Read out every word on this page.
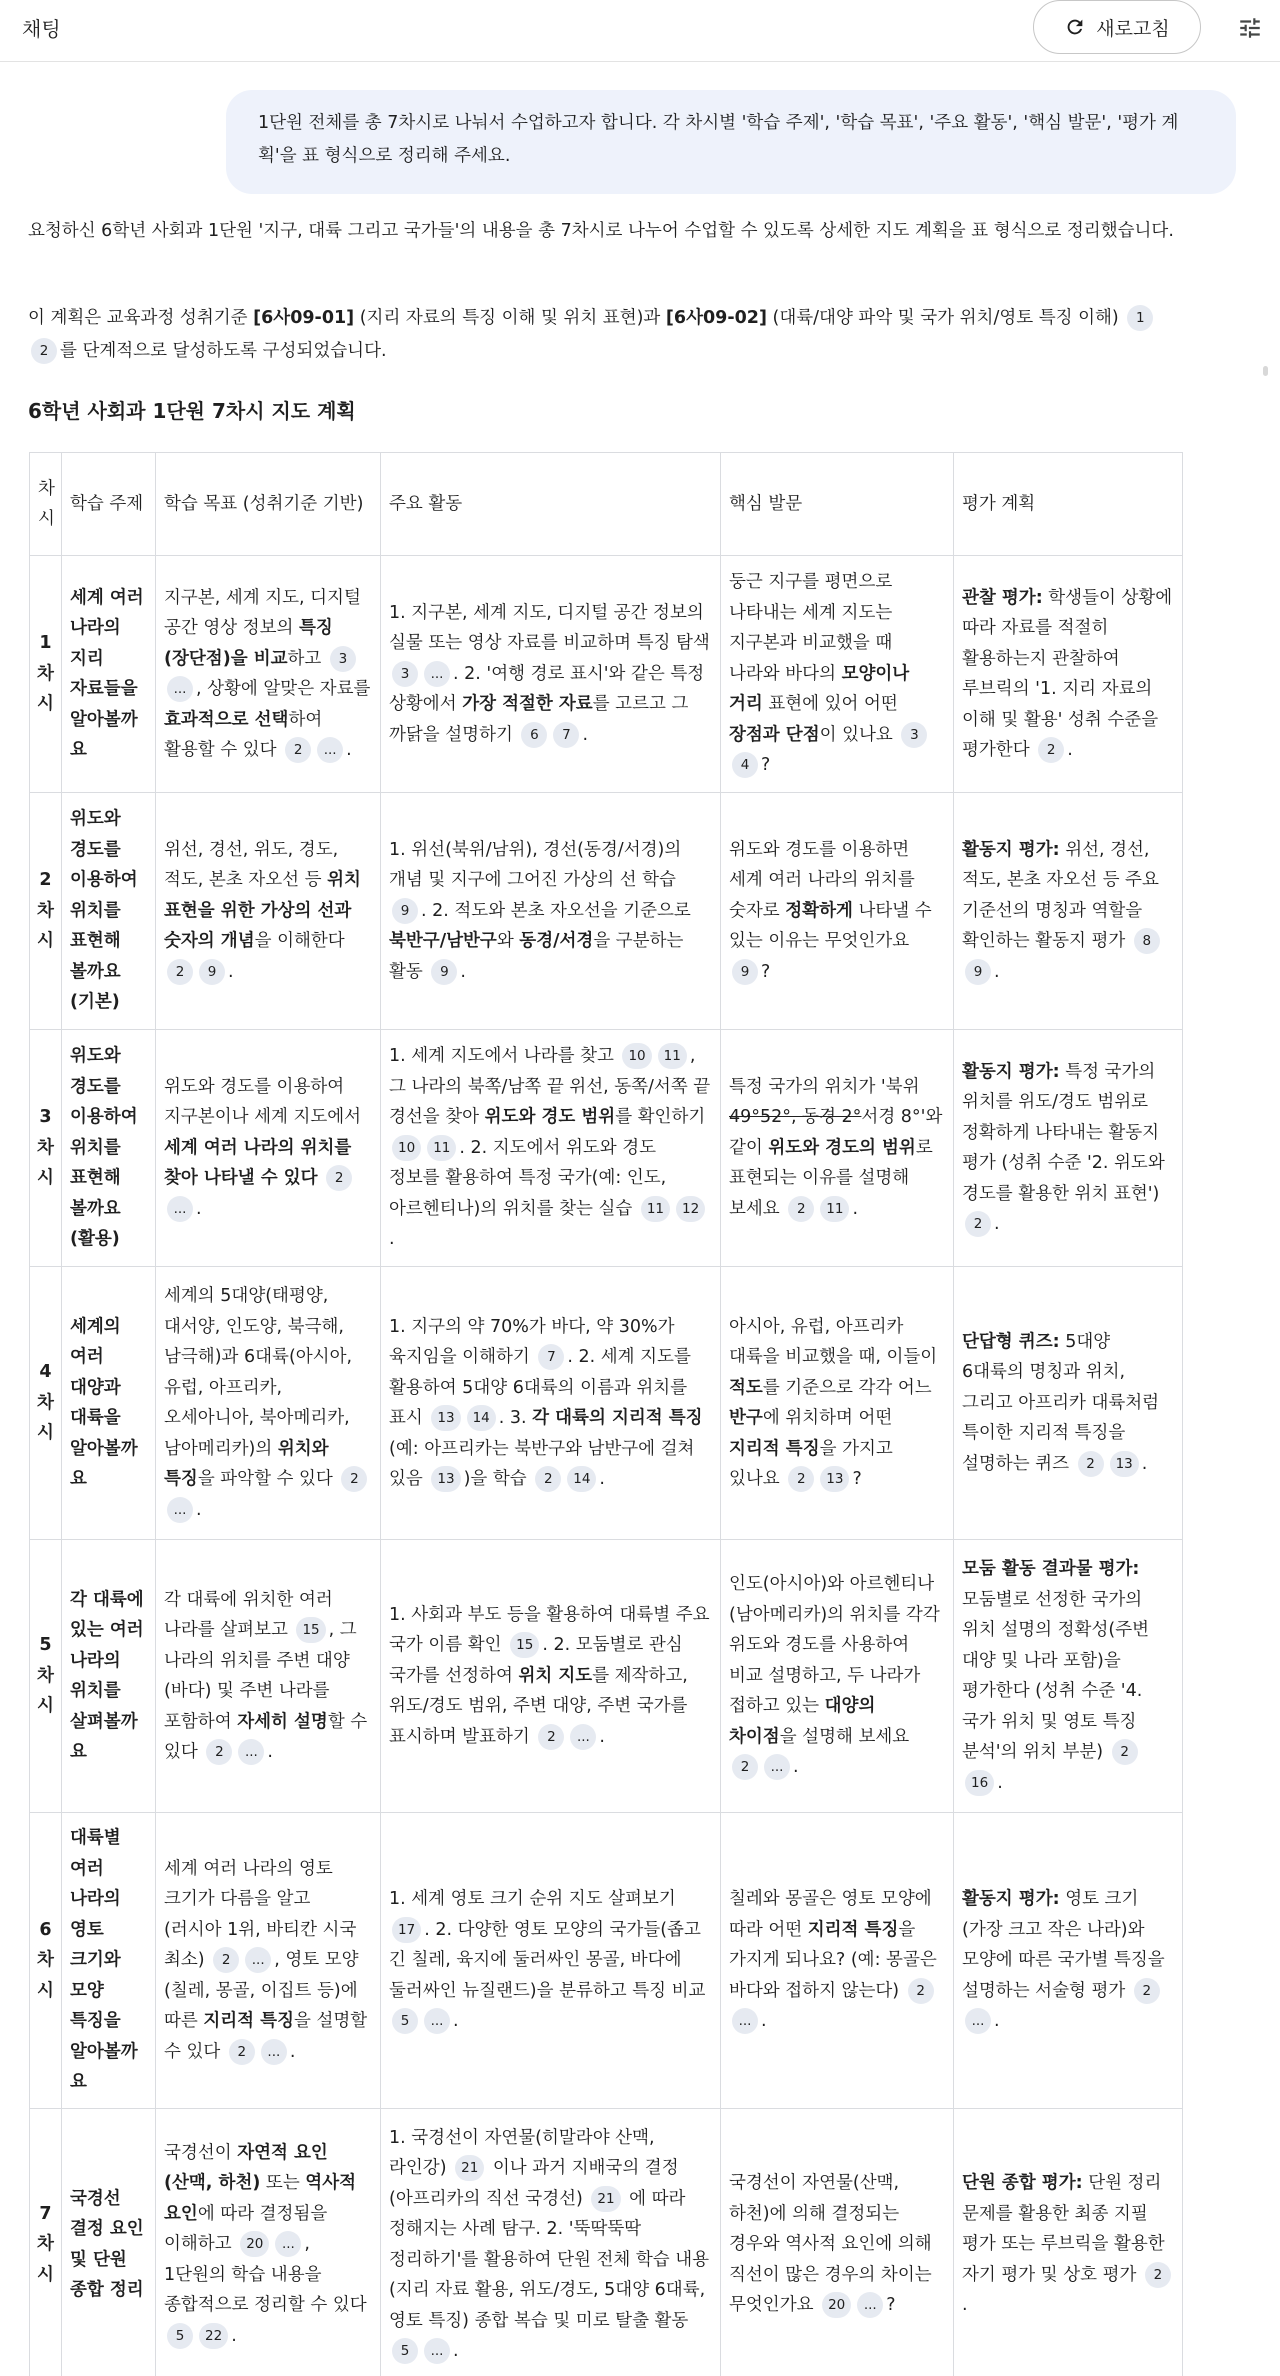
채팅	새로고침
1단원 전체를 총 7차시로 나눠서 수업하고자 합니다. 각 차시별 '학습 주제', '학습 목표', '주요 활동', '핵심 발문', '평가 계획'을 표 형식으로 정리해 주세요.
요청하신 6학년 사회과 1단원 '지구, 대륙 그리고 국가들'의 내용을 총 7차시로 나누어 수업할 수 있도록 상세한 지도 계획을 표 형식으로 정리했습니다.
이 계획은 교육과정 성취기준 [6사09-01] (지리 자료의 특징 이해 및 위치 표현)과 [6사09-02] (대륙/대양 파악 및 국가 위치/영토 특징 이해) 1 2 를 단계적으로 달성하도록 구성되었습니다.
6학년 사회과 1단원 7차시 지도 계획
차시	학습 주제	학습 목표 (성취기준 기반)	주요 활동	핵심 발문	평가 계획
1 차시	세계 여러 나라의 지리 자료들을 알아볼까요	지구본, 세계 지도, 디지털 공간 영상 정보의 특징(장단점)을 비교하고 3... , 상황에 알맞은 자료를 효과적으로 선택하여 활용할 수 있다 2 ... .	1. 지구본, 세계 지도, 디지털 공간 정보의 실물 또는 영상 자료를 비교하며 특징 탐색 3 ... . 2. '여행 경로 표시'와 같은 특정 상황에서 가장 적절한 자료를 고르고 그 까닭을 설명하기 6 7 .	둥근 지구를 평면으로 나타내는 세계 지도는 지구본과 비교했을 때 나라와 바다의 모양이나 거리 표현에 있어 어떤 장점과 단점이 있나요 34 ?	관찰 평가: 학생들이 상황에 따라 자료를 적절히 활용하는지 관찰하여 루브릭의 '1. 지리 자료의 이해 및 활용' 성취 수준을 평가한다 2 .
2 차시	위도와 경도를 이용하여 위치를 표현해 볼까요 (기본)	위선, 경선, 위도, 경도, 적도, 본초 자오선 등 위치 표현을 위한 가상의 선과 숫자의 개념을 이해한다 2 9 .	1. 위선(북위/남위), 경선(동경/서경)의 개념 및 지구에 그어진 가상의 선 학습 9 . 2. 적도와 본초 자오선을 기준으로 북반구/남반구와 동경/서경을 구분하는 활동 9 .	위도와 경도를 이용하면 세계 여러 나라의 위치를 숫자로 정확하게 나타낼 수 있는 이유는 무엇인가요 9 ?	활동지 평가: 위선, 경선, 적도, 본초 자오선 등 주요 기준선의 명칭과 역할을 확인하는 활동지 평가 89 .
3 차시	위도와 경도를 이용하여 위치를 표현해 볼까요 (활용)	위도와 경도를 이용하여 지구본이나 세계 지도에서 세계 여러 나라의 위치를 찾아 나타낼 수 있다 2... .	1. 세계 지도에서 나라를 찾고 10 11 , 그 나라의 북쪽/남쪽 끝 위선, 동쪽/서쪽 끝 경선을 찾아 위도와 경도 범위를 확인하기 10 11 . 2. 지도에서 위도와 경도 정보를 활용하여 특정 국가(예: 인도, 아르헨티나)의 위치를 찾는 실습 11 12.	특정 국가의 위치가 '북위 49°52°, 동경 2°서경 8°'와 같이 위도와 경도의 범위로 표현되는 이유를 설명해 보세요 2 11 .	활동지 평가: 특정 국가의 위치를 위도/경도 범위로 정확하게 나타내는 활동지 평가 (성취 수준 '2. 위도와 경도를 활용한 위치 표현') 2 .
4 차시	세계의 여러 대양과 대륙을 알아볼까요	세계의 5대양(태평양, 대서양, 인도양, 북극해, 남극해)과 6대륙(아시아, 유럽, 아프리카, 오세아니아, 북아메리카, 남아메리카)의 위치와 특징을 파악할 수 있다 2... .	1. 지구의 약 70%가 바다, 약 30%가 육지임을 이해하기 7 . 2. 세계 지도를 활용하여 5대양 6대륙의 이름과 위치를 표시 13 14 . 3. 각 대륙의 지리적 특징 (예: 아프리카는 북반구와 남반구에 걸쳐 있음 13 )을 학습 2 14 .	아시아, 유럽, 아프리카 대륙을 비교했을 때, 이들이 적도를 기준으로 각각 어느 반구에 위치하며 어떤 지리적 특징을 가지고 있나요 2 13 ?	단답형 퀴즈: 5대양 6대륙의 명칭과 위치, 그리고 아프리카 대륙처럼 특이한 지리적 특징을 설명하는 퀴즈 2 13 .
5 차시	각 대륙에 있는 여러 나라의 위치를 살펴볼까요	각 대륙에 위치한 여러 나라를 살펴보고 15 , 그 나라의 위치를 주변 대양(바다) 및 주변 나라를 포함하여 자세히 설명할 수 있다 2 ... .	1. 사회과 부도 등을 활용하여 대륙별 주요 국가 이름 확인 15 . 2. 모둠별로 관심 국가를 선정하여 위치 지도를 제작하고, 위도/경도 범위, 주변 대양, 주변 국가를 표시하며 발표하기 2 ... .	인도(아시아)와 아르헨티나(남아메리카)의 위치를 각각 위도와 경도를 사용하여 비교 설명하고, 두 나라가 접하고 있는 대양의 차이점을 설명해 보세요 2 ... .	모둠 활동 결과물 평가: 모둠별로 선정한 국가의 위치 설명의 정확성(주변 대양 및 나라 포함)을 평가한다 (성취 수준 '4. 국가 위치 및 영토 특징 분석'의 위치 부분) 216 .
6 차시	대륙별 여러 나라의 영토 크기와 모양 특징을 알아볼까요	세계 여러 나라의 영토 크기가 다름을 알고 (러시아 1위, 바티칸 시국 최소) 2 ... , 영토 모양(칠레, 몽골, 이집트 등)에 따른 지리적 특징을 설명할 수 있다 2 ... .	1. 세계 영토 크기 순위 지도 살펴보기 17 . 2. 다양한 영토 모양의 국가들(좁고 긴 칠레, 육지에 둘러싸인 몽골, 바다에 둘러싸인 뉴질랜드)을 분류하고 특징 비교 5 ... .	칠레와 몽골은 영토 모양에 따라 어떤 지리적 특징을 가지게 되나요? (예: 몽골은 바다와 접하지 않는다) 2... .	활동지 평가: 영토 크기(가장 크고 작은 나라)와 모양에 따른 국가별 특징을 설명하는 서술형 평가 2... .
7 차시	국경선 결정 요인 및 단원 종합 정리	국경선이 자연적 요인(산맥, 하천) 또는 역사적 요인에 따라 결정됨을 이해하고 20 ... , 1단원의 학습 내용을 종합적으로 정리할 수 있다 5 22 .	1. 국경선이 자연물(히말라야 산맥, 라인강) 21 이나 과거 지배국의 결정(아프리카의 직선 국경선) 21 에 따라 정해지는 사례 탐구. 2. '뚝딱뚝딱 정리하기'를 활용하여 단원 전체 학습 내용(지리 자료 활용, 위도/경도, 5대양 6대륙, 영토 특징) 종합 복습 및 미로 탈출 활동 5 ... .	국경선이 자연물(산맥, 하천)에 의해 결정되는 경우와 역사적 요인에 의해 직선이 많은 경우의 차이는 무엇인가요 20 ... ?	단원 종합 평가: 단원 정리 문제를 활용한 최종 지필 평가 또는 루브릭을 활용한 자기 평가 및 상호 평가 2.
